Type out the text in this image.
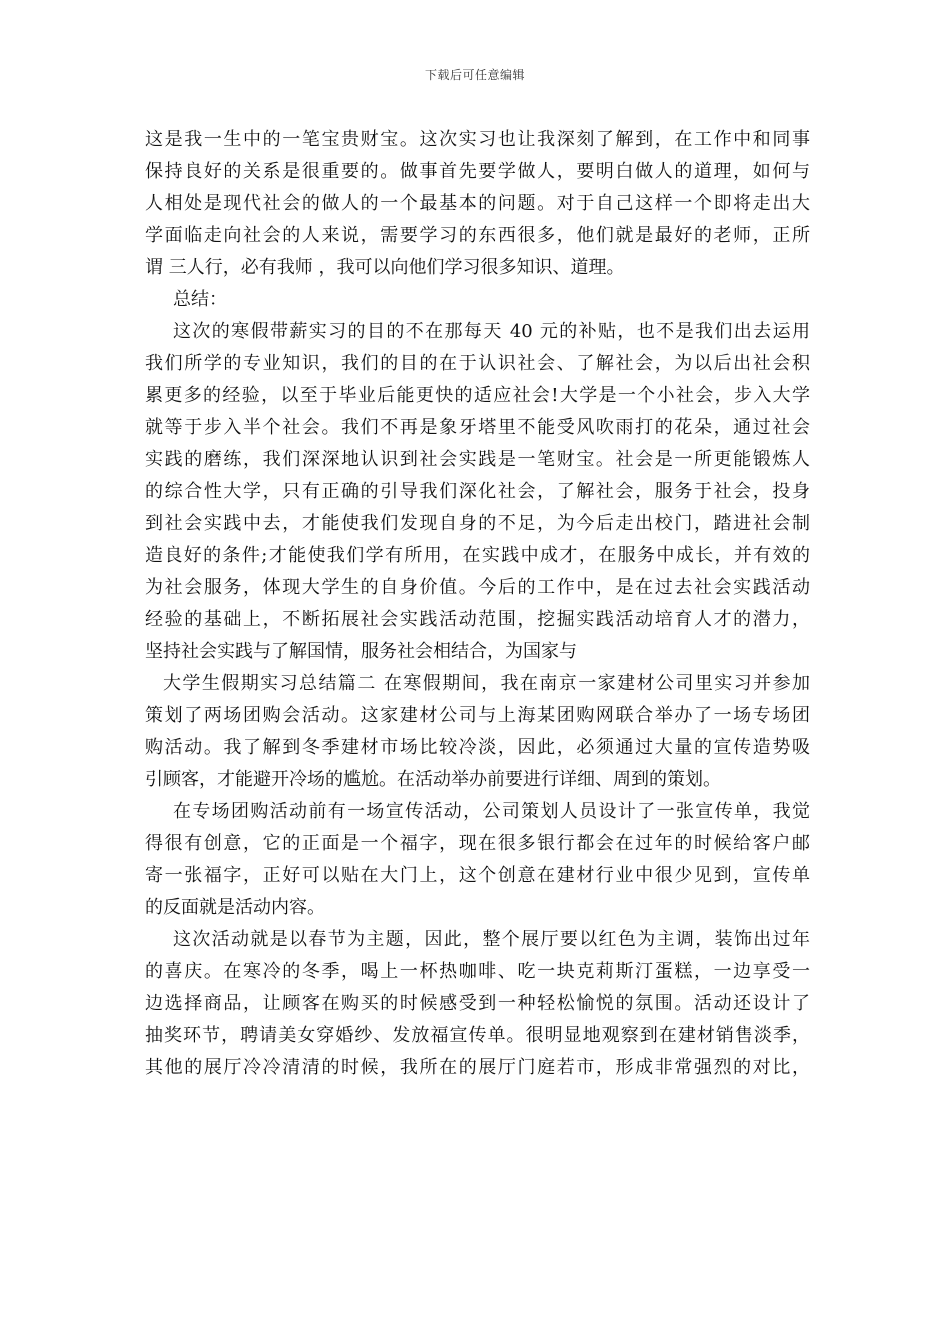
下载后可任意编辑
这是我一生中的一笔宝贵财宝。这次实习也让我深刻了解到，在工作中和同事
保持良好的关系是很重要的。做事首先要学做人，要明白做人的道理，如何与
人相处是现代社会的做人的一个最基本的问题。对于自己这样一个即将走出大
学面临走向社会的人来说，需要学习的东西很多，他们就是最好的老师，正所
谓 三人行，必有我师 ，我可以向他们学习很多知识、道理。
总结：
这次的寒假带薪实习的目的不在那每天 40 元的补贴，也不是我们出去运用
我们所学的专业知识，我们的目的在于认识社会、了解社会，为以后出社会积
累更多的经验，以至于毕业后能更快的适应社会!大学是一个小社会，步入大学
就等于步入半个社会。我们不再是象牙塔里不能受风吹雨打的花朵，通过社会
实践的磨练，我们深深地认识到社会实践是一笔财宝。社会是一所更能锻炼人
的综合性大学，只有正确的引导我们深化社会，了解社会，服务于社会，投身
到社会实践中去，才能使我们发现自身的不足，为今后走出校门，踏进社会制
造良好的条件;才能使我们学有所用，在实践中成才，在服务中成长，并有效的
为社会服务，体现大学生的自身价值。今后的工作中，是在过去社会实践活动
经验的基础上，不断拓展社会实践活动范围，挖掘实践活动培育人才的潜力，
坚持社会实践与了解国情，服务社会相结合，为国家与
大学生假期实习总结篇二 在寒假期间，我在南京一家建材公司里实习并参加
策划了两场团购会活动。这家建材公司与上海某团购网联合举办了一场专场团
购活动。我了解到冬季建材市场比较冷淡，因此，必须通过大量的宣传造势吸
引顾客，才能避开冷场的尴尬。在活动举办前要进行详细、周到的策划。
在专场团购活动前有一场宣传活动，公司策划人员设计了一张宣传单，我觉
得很有创意，它的正面是一个福字，现在很多银行都会在过年的时候给客户邮
寄一张福字，正好可以贴在大门上，这个创意在建材行业中很少见到，宣传单
的反面就是活动内容。
这次活动就是以春节为主题，因此，整个展厅要以红色为主调，装饰出过年
的喜庆。在寒冷的冬季，喝上一杯热咖啡、吃一块克莉斯汀蛋糕，一边享受一
边选择商品，让顾客在购买的时候感受到一种轻松愉悦的氛围。活动还设计了
抽奖环节，聘请美女穿婚纱、发放福宣传单。很明显地观察到在建材销售淡季，
其他的展厅冷冷清清的时候，我所在的展厅门庭若市，形成非常强烈的对比，
